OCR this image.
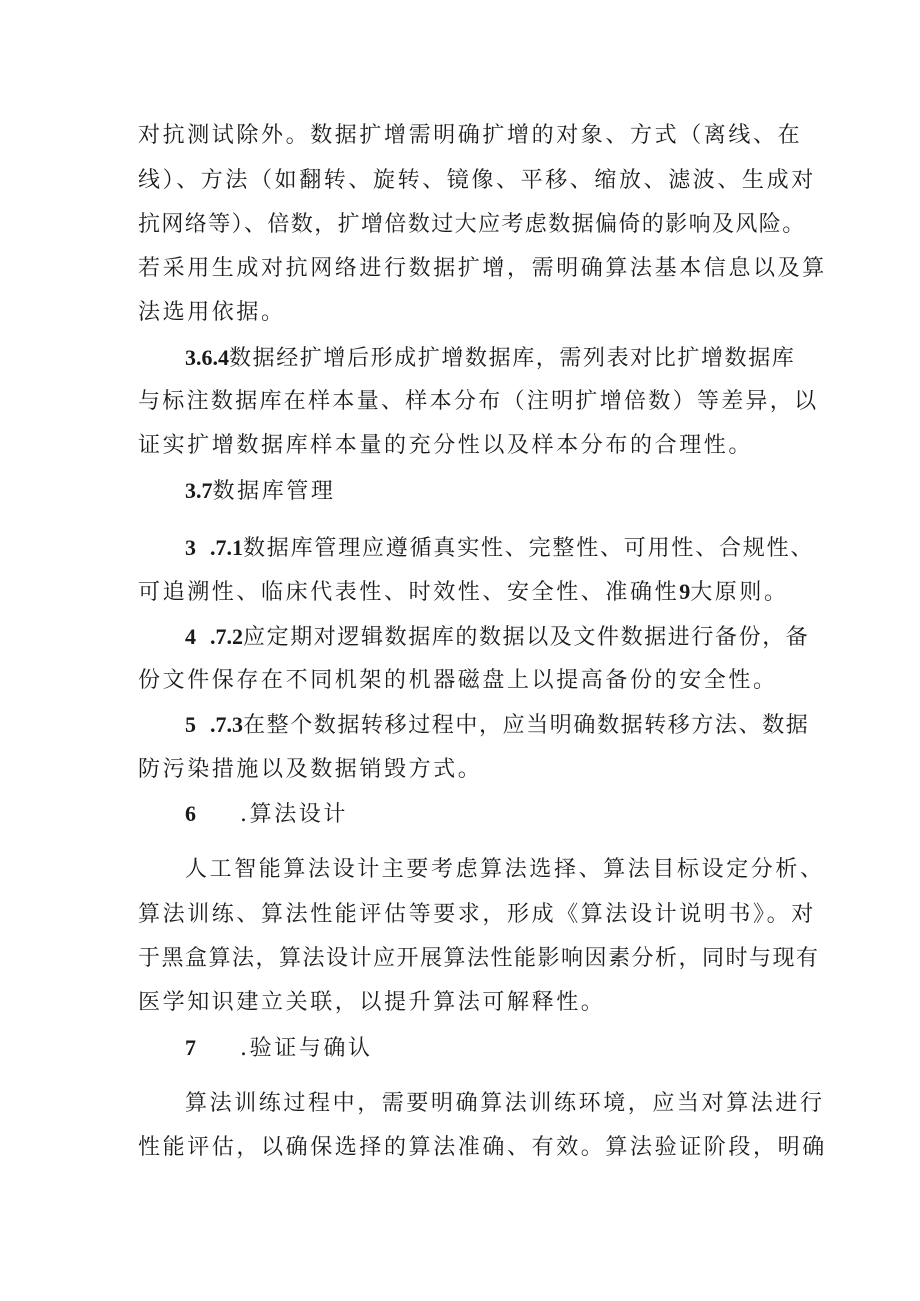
对抗测试除外。数据扩增需明确扩增的对象、方式（离线、在
线）、方法（如翻转、旋转、镜像、平移、缩放、滤波、生成对
抗网络等）、倍数，扩增倍数过大应考虑数据偏倚的影响及风险。
若采用生成对抗网络进行数据扩增，需明确算法基本信息以及算
法选用依据。
3.6.4数据经扩增后形成扩增数据库，需列表对比扩增数据库
与标注数据库在样本量、样本分布（注明扩增倍数）等差异，以
证实扩增数据库样本量的充分性以及样本分布的合理性。
3.7数据库管理
3 .7.1数据库管理应遵循真实性、完整性、可用性、合规性、
可追溯性、临床代表性、时效性、安全性、准确性9大原则。
4 .7.2应定期对逻辑数据库的数据以及文件数据进行备份，备
份文件保存在不同机架的机器磁盘上以提高备份的安全性。
5 .7.3在整个数据转移过程中，应当明确数据转移方法、数据
防污染措施以及数据销毁方式。
6 .算法设计
人工智能算法设计主要考虑算法选择、算法目标设定分析、
算法训练、算法性能评估等要求，形成《算法设计说明书》。对
于黑盒算法，算法设计应开展算法性能影响因素分析，同时与现有
医学知识建立关联，以提升算法可解释性。
7 .验证与确认
算法训练过程中，需要明确算法训练环境，应当对算法进行
性能评估，以确保选择的算法准确、有效。算法验证阶段，明确
